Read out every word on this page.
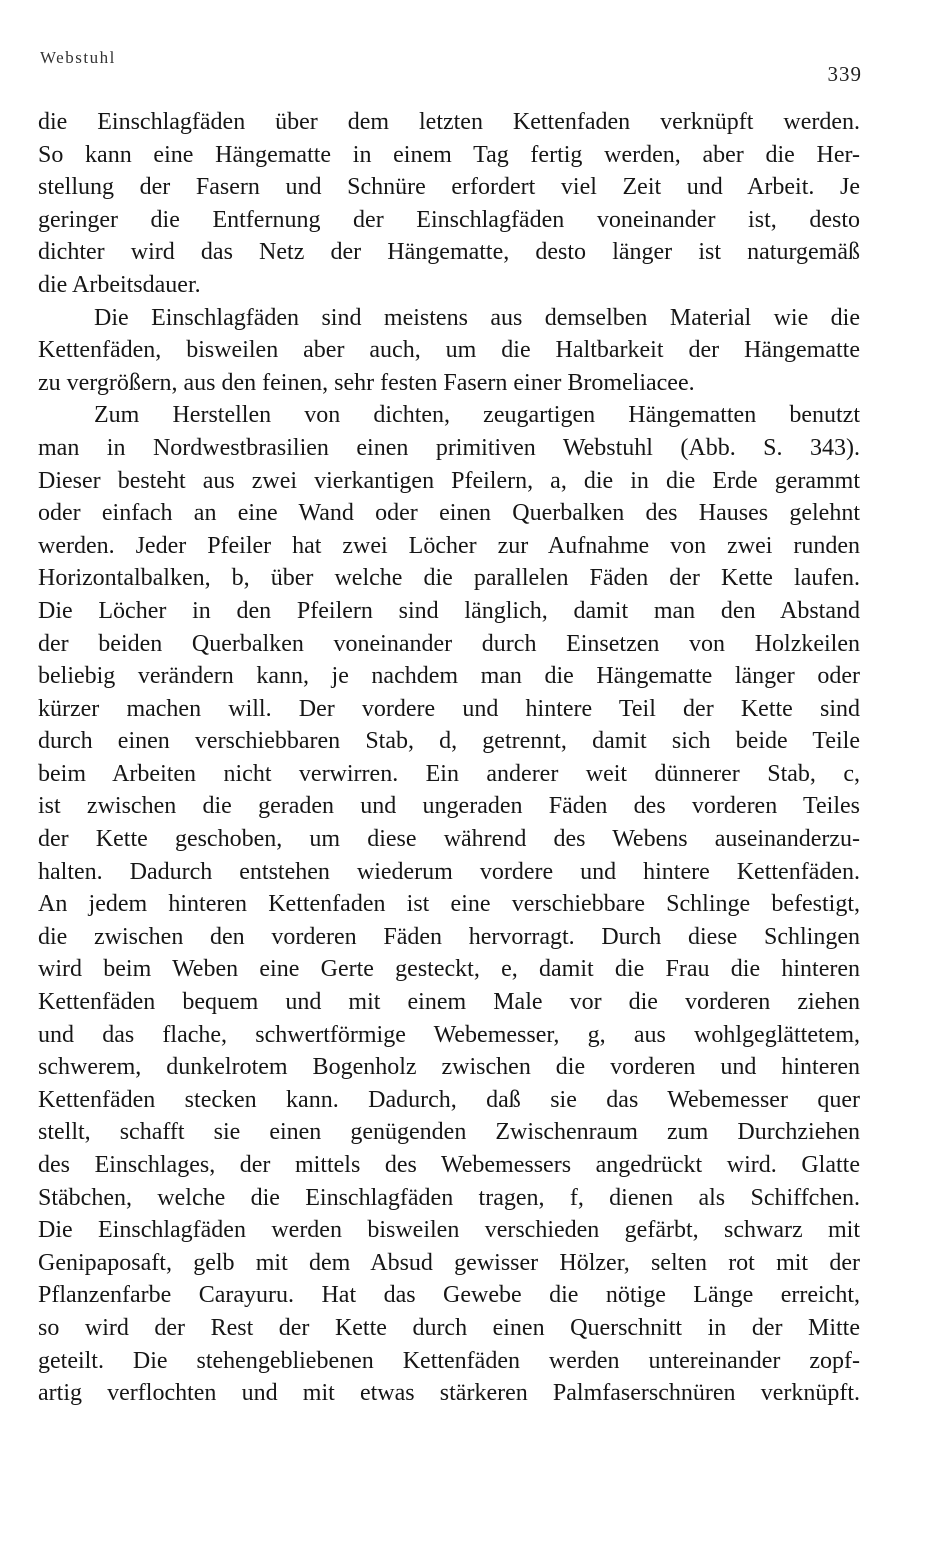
Webstuhl
339
die Einschlagfäden über dem letzten Kettenfaden verknüpft werden.
So kann eine Hängematte in einem Tag fertig werden, aber die Her-
stellung der Fasern und Schnüre erfordert viel Zeit und Arbeit. Je
geringer die Entfernung der Einschlagfäden voneinander ist, desto
dichter wird das Netz der Hängematte, desto länger ist naturgemäß
die Arbeitsdauer.
Die Einschlagfäden sind meistens aus demselben Material wie die
Kettenfäden, bisweilen aber auch, um die Haltbarkeit der Hängematte
zu vergrößern, aus den feinen, sehr festen Fasern einer Bromeliacee.
Zum Herstellen von dichten, zeugartigen Hängematten benutzt
man in Nordwestbrasilien einen primitiven Webstuhl (Abb. S. 343).
Dieser besteht aus zwei vierkantigen Pfeilern, a, die in die Erde gerammt
oder einfach an eine Wand oder einen Querbalken des Hauses gelehnt
werden. Jeder Pfeiler hat zwei Löcher zur Aufnahme von zwei runden
Horizontalbalken, b, über welche die parallelen Fäden der Kette laufen.
Die Löcher in den Pfeilern sind länglich, damit man den Abstand
der beiden Querbalken voneinander durch Einsetzen von Holzkeilen
beliebig verändern kann, je nachdem man die Hängematte länger oder
kürzer machen will. Der vordere und hintere Teil der Kette sind
durch einen verschiebbaren Stab, d, getrennt, damit sich beide Teile
beim Arbeiten nicht verwirren. Ein anderer weit dünnerer Stab, c,
ist zwischen die geraden und ungeraden Fäden des vorderen Teiles
der Kette geschoben, um diese während des Webens auseinanderzu-
halten. Dadurch entstehen wiederum vordere und hintere Kettenfäden.
An jedem hinteren Kettenfaden ist eine verschiebbare Schlinge befestigt,
die zwischen den vorderen Fäden hervorragt. Durch diese Schlingen
wird beim Weben eine Gerte gesteckt, e, damit die Frau die hinteren
Kettenfäden bequem und mit einem Male vor die vorderen ziehen
und das flache, schwertförmige Webemesser, g, aus wohlgeglättetem,
schwerem, dunkelrotem Bogenholz zwischen die vorderen und hinteren
Kettenfäden stecken kann. Dadurch, daß sie das Webemesser quer
stellt, schafft sie einen genügenden Zwischenraum zum Durchziehen
des Einschlages, der mittels des Webemessers angedrückt wird. Glatte
Stäbchen, welche die Einschlagfäden tragen, f, dienen als Schiffchen.
Die Einschlagfäden werden bisweilen verschieden gefärbt, schwarz mit
Genipaposaft, gelb mit dem Absud gewisser Hölzer, selten rot mit der
Pflanzenfarbe Carayuru. Hat das Gewebe die nötige Länge erreicht,
so wird der Rest der Kette durch einen Querschnitt in der Mitte
geteilt. Die stehengebliebenen Kettenfäden werden untereinander zopf-
artig verflochten und mit etwas stärkeren Palmfaserschnüren verknüpft.
